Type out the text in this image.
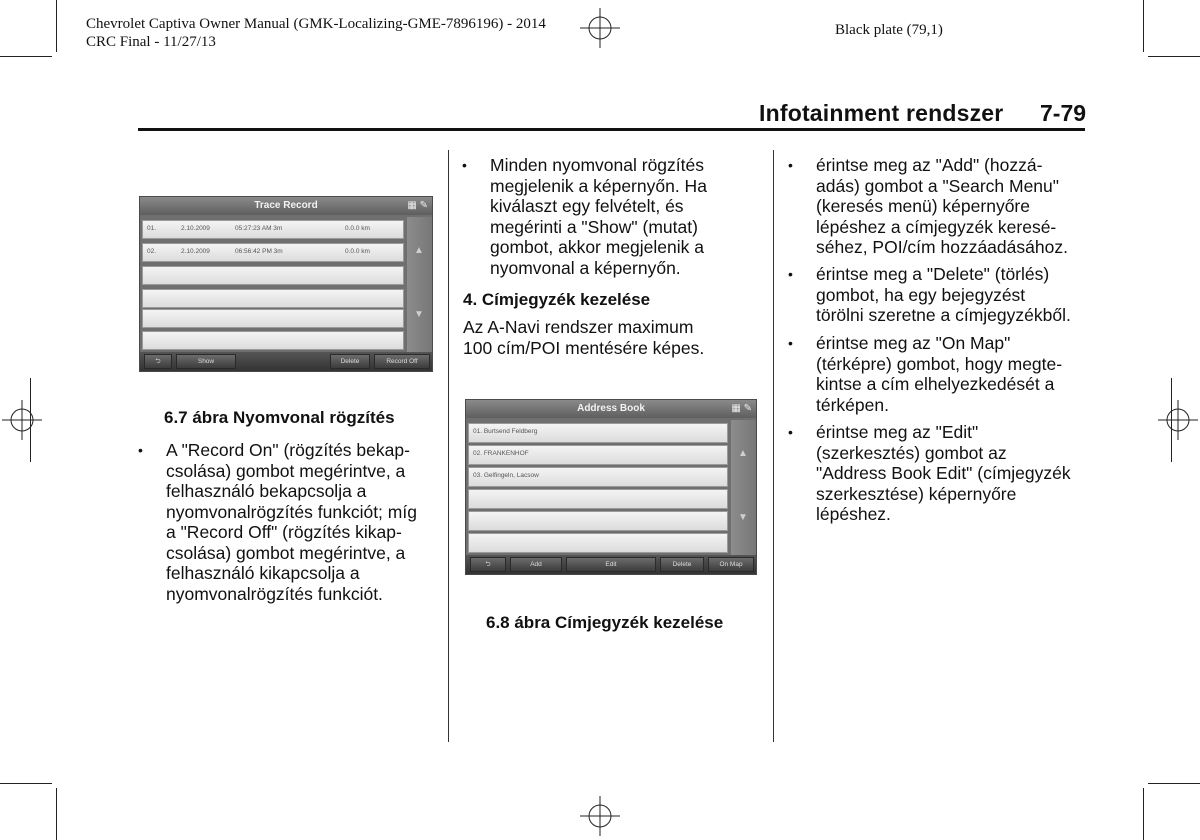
Chevrolet Captiva Owner Manual (GMK-Localizing-GME-7896196) - 2014
CRC Final - 11/27/13
Black plate (79,1)
Infotainment rendszer 7-79
Trace Record	▦ ✎
01.	2.10.2009	05:27:23 AM 3m	0.0.0 km
02.	2.10.2009	06:56:42 PM 3m	0.0.0 km	▲
▼
⮌	Show	Delete	Record Off
6.7 ábra Nyomvonal rögzítés
• A "Record On" (rögzítés bekap-
csolása) gombot megérintve, a
felhasználó bekapcsolja a
nyomvonalrögzítés funkciót; míg
a "Record Off" (rögzítés kikap-
csolása) gombot megérintve, a
felhasználó kikapcsolja a
nyomvonalrögzítés funkciót.
• Minden nyomvonal rögzítés
megjelenik a képernyőn. Ha
kiválaszt egy felvételt, és
megérinti a "Show" (mutat)
gombot, akkor megjelenik a
nyomvonal a képernyőn.
4. Címjegyzék kezelése
Az A-Navi rendszer maximum
100 cím/POI mentésére képes.
Address Book	▦ ✎
01. Burtsend Feldberg
02. FRANKENHOF
03. Gelfingeln, Lacsow
▲
▼
⮌	Add	Edit	Delete	On Map
6.8 ábra Címjegyzék kezelése
• érintse meg az "Add" (hozzá-
adás) gombot a "Search Menu"
(keresés menü) képernyőre
lépéshez a címjegyzék keresé-
séhez, POI/cím hozzáadásához.
• érintse meg a "Delete" (törlés)
gombot, ha egy bejegyzést
törölni szeretne a címjegyzékből.
• érintse meg az "On Map"
(térképre) gombot, hogy megte-
kintse a cím elhelyezkedését a
térképen.
• érintse meg az "Edit"
(szerkesztés) gombot az
"Address Book Edit" (címjegyzék
szerkesztése) képernyőre
lépéshez.
